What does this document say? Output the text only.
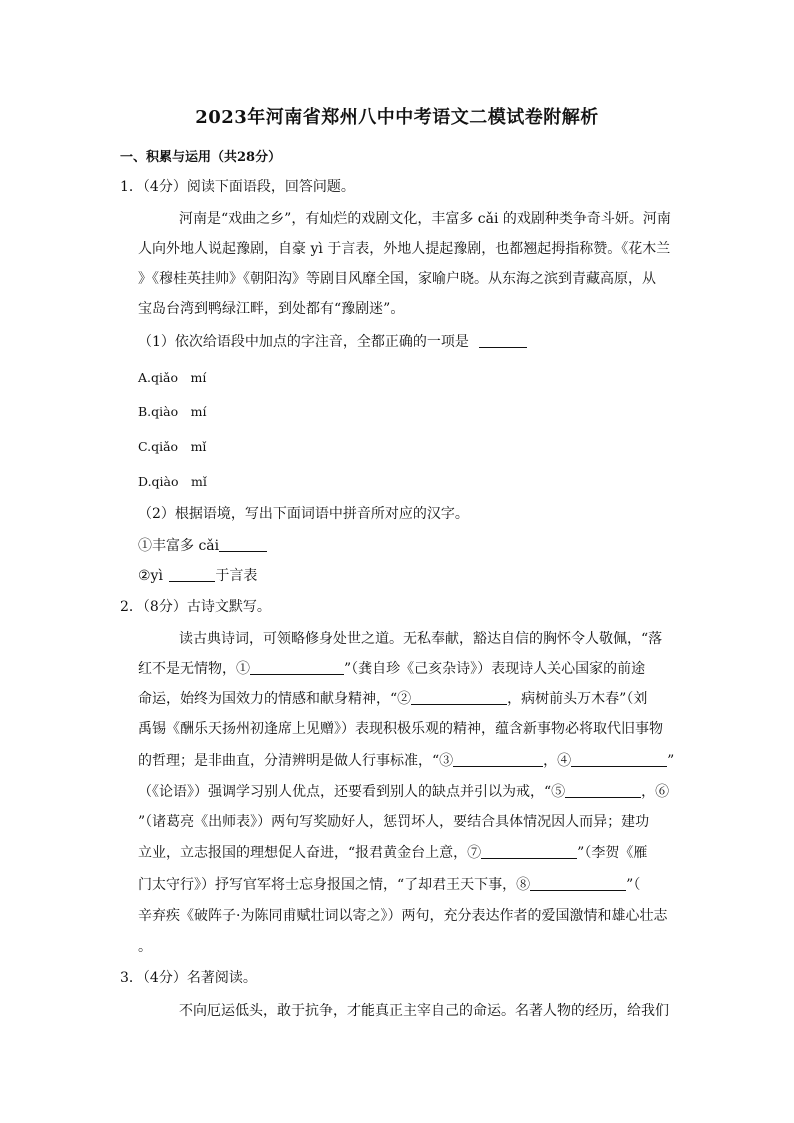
2023年河南省郑州八中中考语文二模试卷附解析
一、积累与运用（共28分）
1．（4分）阅读下面语段，回答问题。
河南是“戏曲之乡”，有灿烂的戏剧文化，丰富多 cǎi 的戏剧种类争奇斗妍。河南
人向外地人说起豫剧，自豪 yì 于言表，外地人提起豫剧，也都翘起拇指称赞。《花木兰
》《穆桂英挂帅》《朝阳沟》等剧目风靡全国，家喻户晓。从东海之滨到青藏高原，从
宝岛台湾到鸭绿江畔，到处都有“豫剧迷”。
（1）依次给语段中加点的字注音，全都正确的一项是
A.qiǎo　mí
B.qiào　mí
C.qiǎo　mǐ
D.qiào　mǐ
（2）根据语境，写出下面词语中拼音所对应的汉字。
①丰富多 cǎi
②yì	于言表
2．（8分）古诗文默写。
读古典诗词，可领略修身处世之道。无私奉献，豁达自信的胸怀令人敬佩，“落
红不是无情物，①	”（龚自珍《己亥杂诗》）表现诗人关心国家的前途
命运，始终为国效力的情感和献身精神，“②	，病树前头万木春”（刘
禹锡《酬乐天扬州初逢席上见赠》）表现积极乐观的精神，蕴含新事物必将取代旧事物
的哲理；是非曲直，分清辨明是做人行事标准，“③	，④	”
（《论语》）强调学习别人优点，还要看到别人的缺点并引以为戒，“⑤	，⑥
”（诸葛亮《出师表》）两句写奖励好人，惩罚坏人，要结合具体情况因人而异；建功
立业，立志报国的理想促人奋进，“报君黄金台上意，⑦	”（李贺《雁
门太守行》）抒写官军将士忘身报国之情，“了却君王天下事，⑧	”（
辛弃疾《破阵子·为陈同甫赋壮词以寄之》）两句，充分表达作者的爱国激情和雄心壮志
。
3．（4分）名著阅读。
不向厄运低头，敢于抗争，才能真正主宰自己的命运。名著人物的经历，给我们
